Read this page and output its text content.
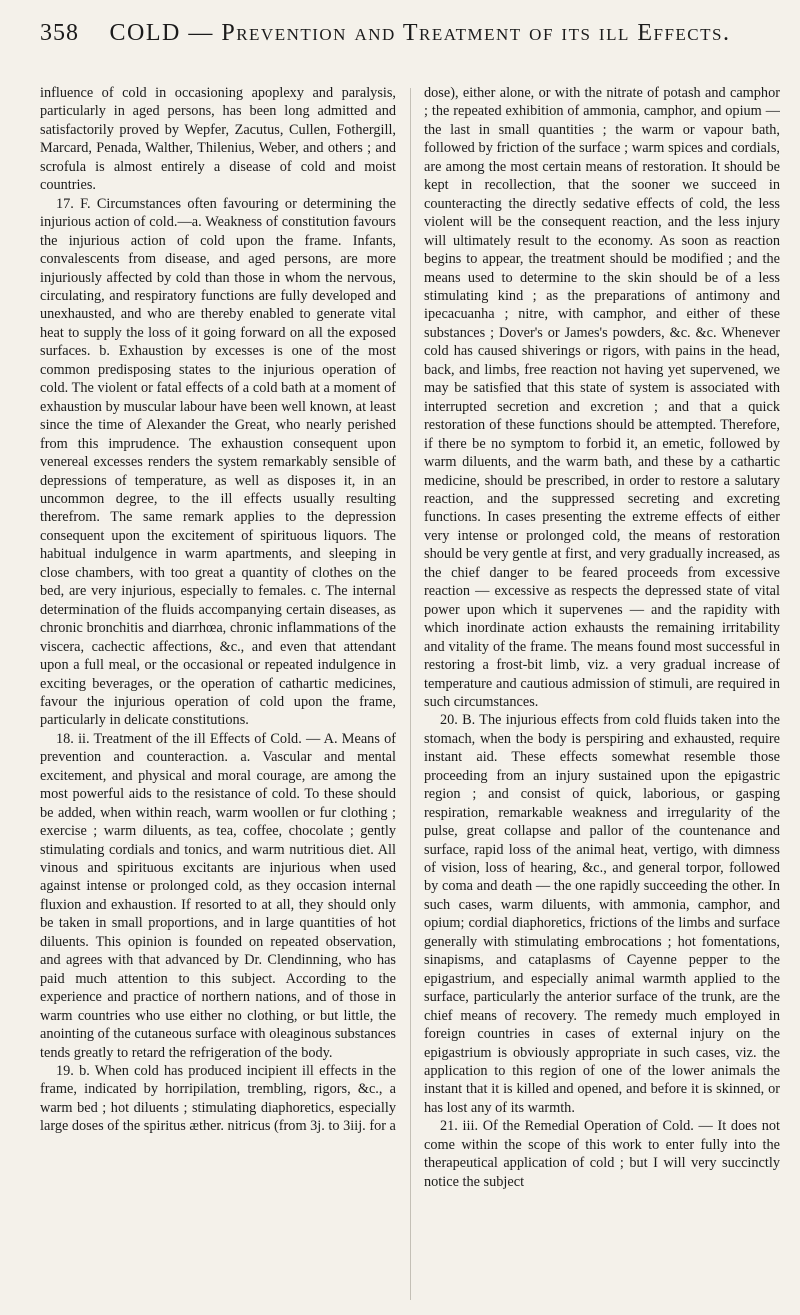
358	COLD — Prevention and Treatment of its ill Effects.

influence of cold in occasioning apoplexy and paralysis, particularly in aged persons, has been long admitted and satisfactorily proved by Wepfer, Zacutus, Cullen, Fothergill, Marcard, Penada, Walther, Thilenius, Weber, and others ; and scrofula is almost entirely a disease of cold and moist countries.

17. F. Circumstances often favouring or determining the injurious action of cold.—a. Weakness of constitution favours the injurious action of cold upon the frame. Infants, convalescents from disease, and aged persons, are more injuriously affected by cold than those in whom the nervous, circulating, and respiratory functions are fully developed and unexhausted, and who are thereby enabled to generate vital heat to supply the loss of it going forward on all the exposed surfaces. b. Exhaustion by excesses is one of the most common predisposing states to the injurious operation of cold. The violent or fatal effects of a cold bath at a moment of exhaustion by muscular labour have been well known, at least since the time of Alexander the Great, who nearly perished from this imprudence. The exhaustion consequent upon venereal excesses renders the system remarkably sensible of depressions of temperature, as well as disposes it, in an uncommon degree, to the ill effects usually resulting therefrom. The same remark applies to the depression consequent upon the excitement of spirituous liquors. The habitual indulgence in warm apartments, and sleeping in close chambers, with too great a quantity of clothes on the bed, are very injurious, especially to females. c. The internal determination of the fluids accompanying certain diseases, as chronic bronchitis and diarrhœa, chronic inflammations of the viscera, cachectic affections, &c., and even that attendant upon a full meal, or the occasional or repeated indulgence in exciting beverages, or the operation of cathartic medicines, favour the injurious operation of cold upon the frame, particularly in delicate constitutions.

18. ii. Treatment of the ill Effects of Cold. — A. Means of prevention and counteraction. a. Vascular and mental excitement, and physical and moral courage, are among the most powerful aids to the resistance of cold. To these should be added, when within reach, warm woollen or fur clothing ; exercise ; warm diluents, as tea, coffee, chocolate ; gently stimulating cordials and tonics, and warm nutritious diet. All vinous and spirituous excitants are injurious when used against intense or prolonged cold, as they occasion internal fluxion and exhaustion. If resorted to at all, they should only be taken in small proportions, and in large quantities of hot diluents. This opinion is founded on repeated observation, and agrees with that advanced by Dr. Clendinning, who has paid much attention to this subject. According to the experience and practice of northern nations, and of those in warm countries who use either no clothing, or but little, the anointing of the cutaneous surface with oleaginous substances tends greatly to retard the refrigeration of the body.

19. b. When cold has produced incipient ill effects in the frame, indicated by horripilation, trembling, rigors, &c., a warm bed ; hot diluents ; stimulating diaphoretics, especially large doses of the spiritus æther. nitricus (from 3j. to 3iij. for a

dose), either alone, or with the nitrate of potash and camphor ; the repeated exhibition of ammonia, camphor, and opium — the last in small quantities ; the warm or vapour bath, followed by friction of the surface ; warm spices and cordials, are among the most certain means of restoration. It should be kept in recollection, that the sooner we succeed in counteracting the directly sedative effects of cold, the less violent will be the consequent reaction, and the less injury will ultimately result to the economy. As soon as reaction begins to appear, the treatment should be modified ; and the means used to determine to the skin should be of a less stimulating kind ; as the preparations of antimony and ipecacuanha ; nitre, with camphor, and either of these substances ; Dover's or James's powders, &c. &c. Whenever cold has caused shiverings or rigors, with pains in the head, back, and limbs, free reaction not having yet supervened, we may be satisfied that this state of system is associated with interrupted secretion and excretion ; and that a quick restoration of these functions should be attempted. Therefore, if there be no symptom to forbid it, an emetic, followed by warm diluents, and the warm bath, and these by a cathartic medicine, should be prescribed, in order to restore a salutary reaction, and the suppressed secreting and excreting functions. In cases presenting the extreme effects of either very intense or prolonged cold, the means of restoration should be very gentle at first, and very gradually increased, as the chief danger to be feared proceeds from excessive reaction — excessive as respects the depressed state of vital power upon which it supervenes — and the rapidity with which inordinate action exhausts the remaining irritability and vitality of the frame. The means found most successful in restoring a frost-bit limb, viz. a very gradual increase of temperature and cautious admission of stimuli, are required in such circumstances.

20. B. The injurious effects from cold fluids taken into the stomach, when the body is perspiring and exhausted, require instant aid. These effects somewhat resemble those proceeding from an injury sustained upon the epigastric region ; and consist of quick, laborious, or gasping respiration, remarkable weakness and irregularity of the pulse, great collapse and pallor of the countenance and surface, rapid loss of the animal heat, vertigo, with dimness of vision, loss of hearing, &c., and general torpor, followed by coma and death — the one rapidly succeeding the other. In such cases, warm diluents, with ammonia, camphor, and opium; cordial diaphoretics, frictions of the limbs and surface generally with stimulating embrocations ; hot fomentations, sinapisms, and cataplasms of Cayenne pepper to the epigastrium, and especially animal warmth applied to the surface, particularly the anterior surface of the trunk, are the chief means of recovery. The remedy much employed in foreign countries in cases of external injury on the epigastrium is obviously appropriate in such cases, viz. the application to this region of one of the lower animals the instant that it is killed and opened, and before it is skinned, or has lost any of its warmth.

21. iii. Of the Remedial Operation of Cold. — It does not come within the scope of this work to enter fully into the therapeutical application of cold ; but I will very succinctly notice the subject
